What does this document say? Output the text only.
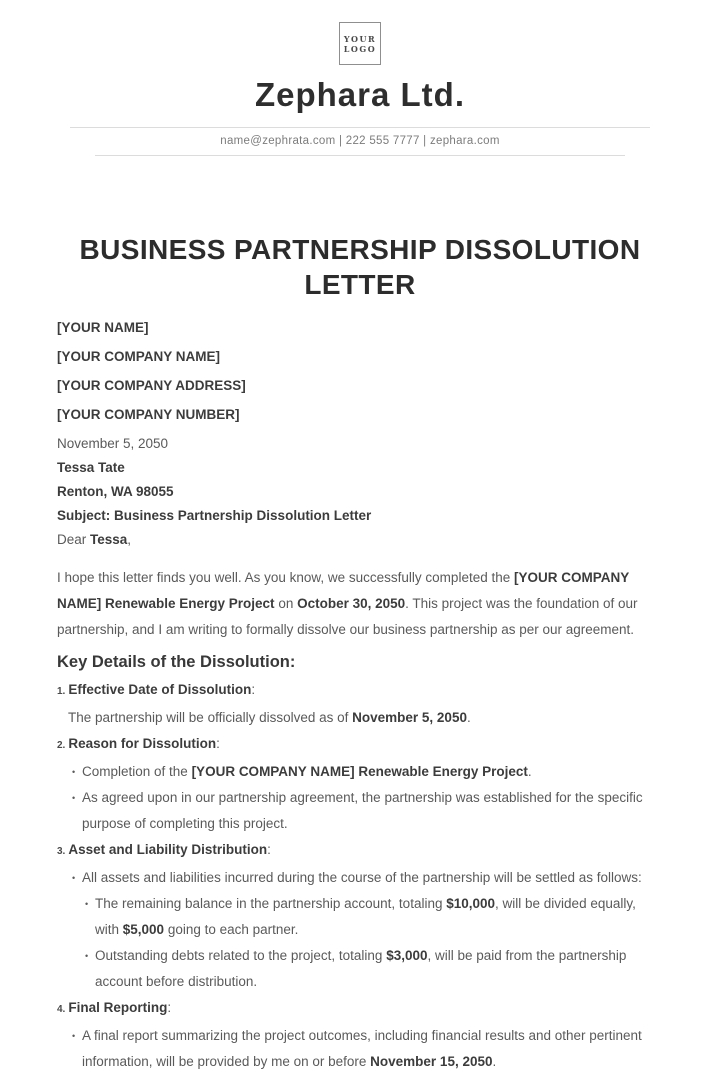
YOUR
LOGO
Zephara Ltd.
name@zephrata.com | 222 555 7777 | zephara.com
BUSINESS PARTNERSHIP DISSOLUTION LETTER
[YOUR NAME]
[YOUR COMPANY NAME]
[YOUR COMPANY ADDRESS]
[YOUR COMPANY NUMBER]
November 5, 2050
Tessa Tate
Renton, WA 98055
Subject: Business Partnership Dissolution Letter
Dear Tessa,

I hope this letter finds you well. As you know, we successfully completed the [YOUR COMPANY NAME] Renewable Energy Project on October 30, 2050. This project was the foundation of our partnership, and I am writing to formally dissolve our business partnership as per our agreement.

Key Details of the Dissolution:
1. Effective Date of Dissolution:
The partnership will be officially dissolved as of November 5, 2050.
2. Reason for Dissolution:
• Completion of the [YOUR COMPANY NAME] Renewable Energy Project.
• As agreed upon in our partnership agreement, the partnership was established for the specific purpose of completing this project.
3. Asset and Liability Distribution:
• All assets and liabilities incurred during the course of the partnership will be settled as follows:
• The remaining balance in the partnership account, totaling $10,000, will be divided equally, with $5,000 going to each partner.
• Outstanding debts related to the project, totaling $3,000, will be paid from the partnership account before distribution.
4. Final Reporting:
• A final report summarizing the project outcomes, including financial results and other pertinent information, will be provided by me on or before November 15, 2050.
